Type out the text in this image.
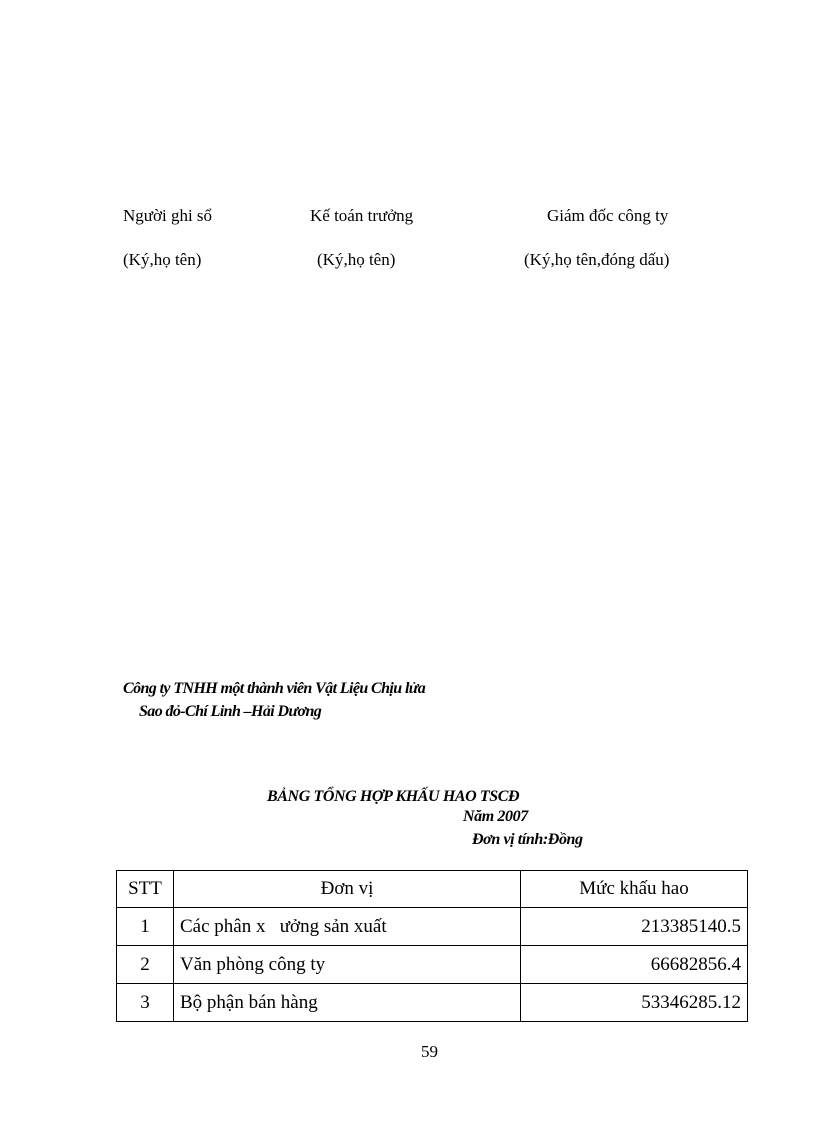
Người ghi sổ	Kế toán trưởng	Giám đốc công ty
(Ký,họ tên)	(Ký,họ tên)	(Ký,họ tên,đóng dấu)
Công ty TNHH một thành viên Vật Liệu Chịu lửa
Sao đỏ-Chí Linh –Hải Dương
BẢNG TỔNG HỢP KHẤU HAO TSCĐ
Năm 2007
Đơn vị tính:Đồng
STT	Đơn vị	Mức khấu hao
1	Các phân x   ưởng sản xuất	213385140.5
2	Văn phòng công ty	66682856.4
3	Bộ phận bán hàng	53346285.12
59
